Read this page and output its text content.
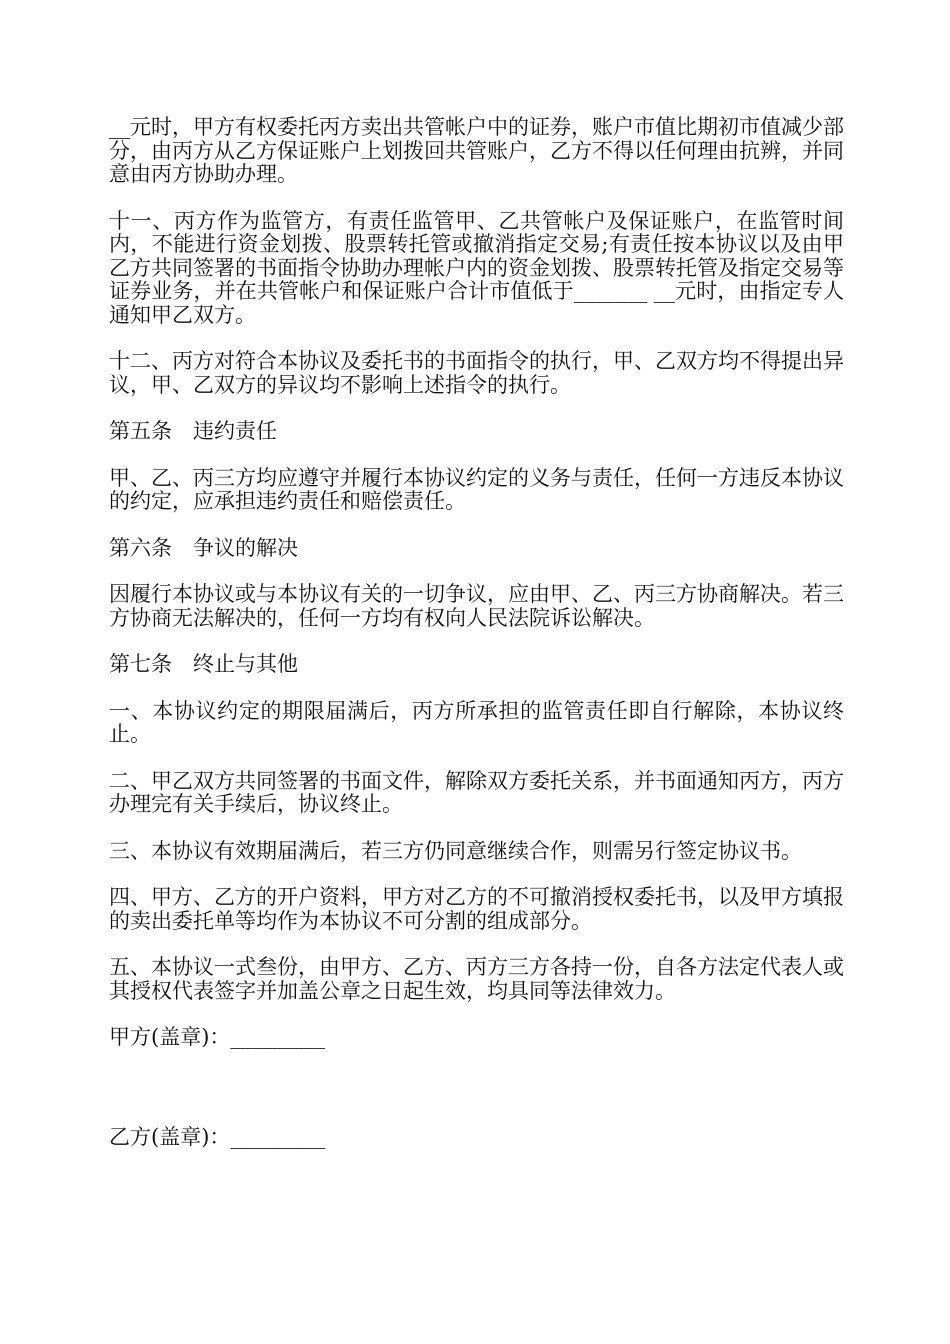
__元时，甲方有权委托丙方卖出共管帐户中的证券，账户市值比期初市值减少部分，由丙方从乙方保证账户上划拨回共管账户，乙方不得以任何理由抗辨，并同意由丙方协助办理。

十一、丙方作为监管方，有责任监管甲、乙共管帐户及保证账户，在监管时间内，不能进行资金划拨、股票转托管或撤消指定交易;有责任按本协议以及由甲乙方共同签署的书面指令协助办理帐户内的资金划拨、股票转托管及指定交易等证券业务，并在共管帐户和保证账户合计市值低于_______ __元时，由指定专人通知甲乙双方。

十二、丙方对符合本协议及委托书的书面指令的执行，甲、乙双方均不得提出异议，甲、乙双方的异议均不影响上述指令的执行。

第五条　违约责任

甲、乙、丙三方均应遵守并履行本协议约定的义务与责任，任何一方违反本协议的约定，应承担违约责任和赔偿责任。

第六条　争议的解决

因履行本协议或与本协议有关的一切争议，应由甲、乙、丙三方协商解决。若三方协商无法解决的，任何一方均有权向人民法院诉讼解决。

第七条　终止与其他

一、本协议约定的期限届满后，丙方所承担的监管责任即自行解除，本协议终止。

二、甲乙双方共同签署的书面文件，解除双方委托关系，并书面通知丙方，丙方办理完有关手续后，协议终止。

三、本协议有效期届满后，若三方仍同意继续合作，则需另行签定协议书。

四、甲方、乙方的开户资料，甲方对乙方的不可撤消授权委托书，以及甲方填报的卖出委托单等均作为本协议不可分割的组成部分。

五、本协议一式叁份，由甲方、乙方、丙方三方各持一份，自各方法定代表人或其授权代表签字并加盖公章之日起生效，均具同等法律效力。

甲方(盖章)：_________

乙方(盖章)：_________
